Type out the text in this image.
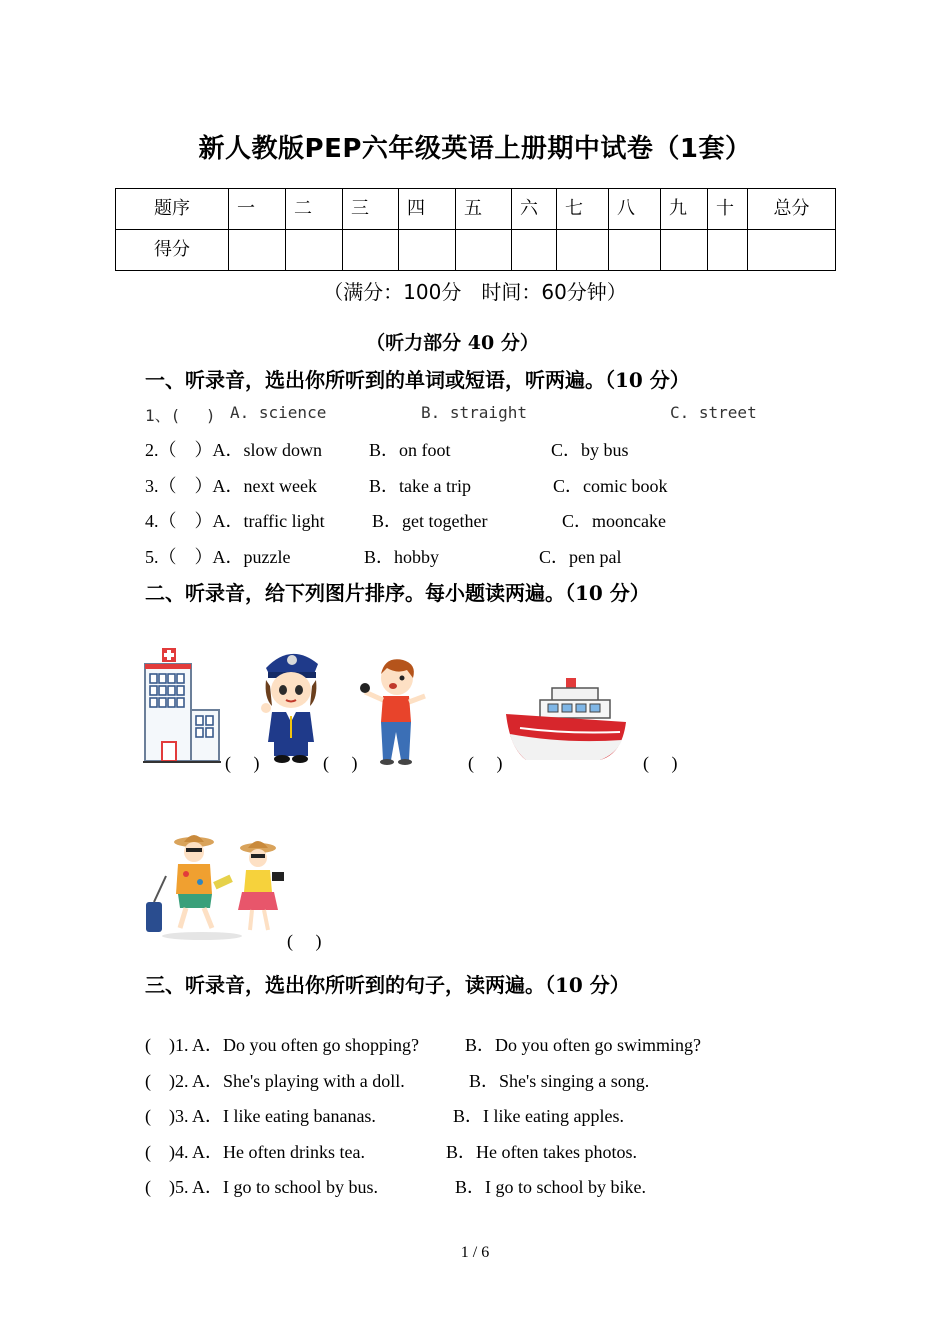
新人教版PEP六年级英语上册期中试卷（1套）
题序	一	二	三	四	五	六	七	八	九	十	总分
得分											
（满分：100分　时间：60分钟）
（听力部分 40 分）
一、听录音，选出你所听到的单词或短语，听两遍。（10 分）
1、(　 ) A. science	B. straight	C. street
2.（　）A．slow down	B．on foot	C．by bus
3.（　）A．next week	B．take a trip	C．comic book
4.（　）A．traffic light	B．get together	C．mooncake
5.（　）A．puzzle	B．hobby	C．pen pal
二、听录音，给下列图片排序。每小题读两遍。（10 分）
(　 )	(　 )	(　 )	(　 )
(　 )
三、听录音，选出你所听到的句子，读两遍。（10 分）
(　)1. A．Do you often go shopping?	B．Do you often go swimming?
(　)2. A．She's playing with a doll.	B．She's singing a song.
(　)3. A．I like eating bananas.	B．I like eating apples.
(　)4. A．He often drinks tea.	B．He often takes photos.
(　)5. A．I go to school by bus.	B．I go to school by bike.
1 / 6
